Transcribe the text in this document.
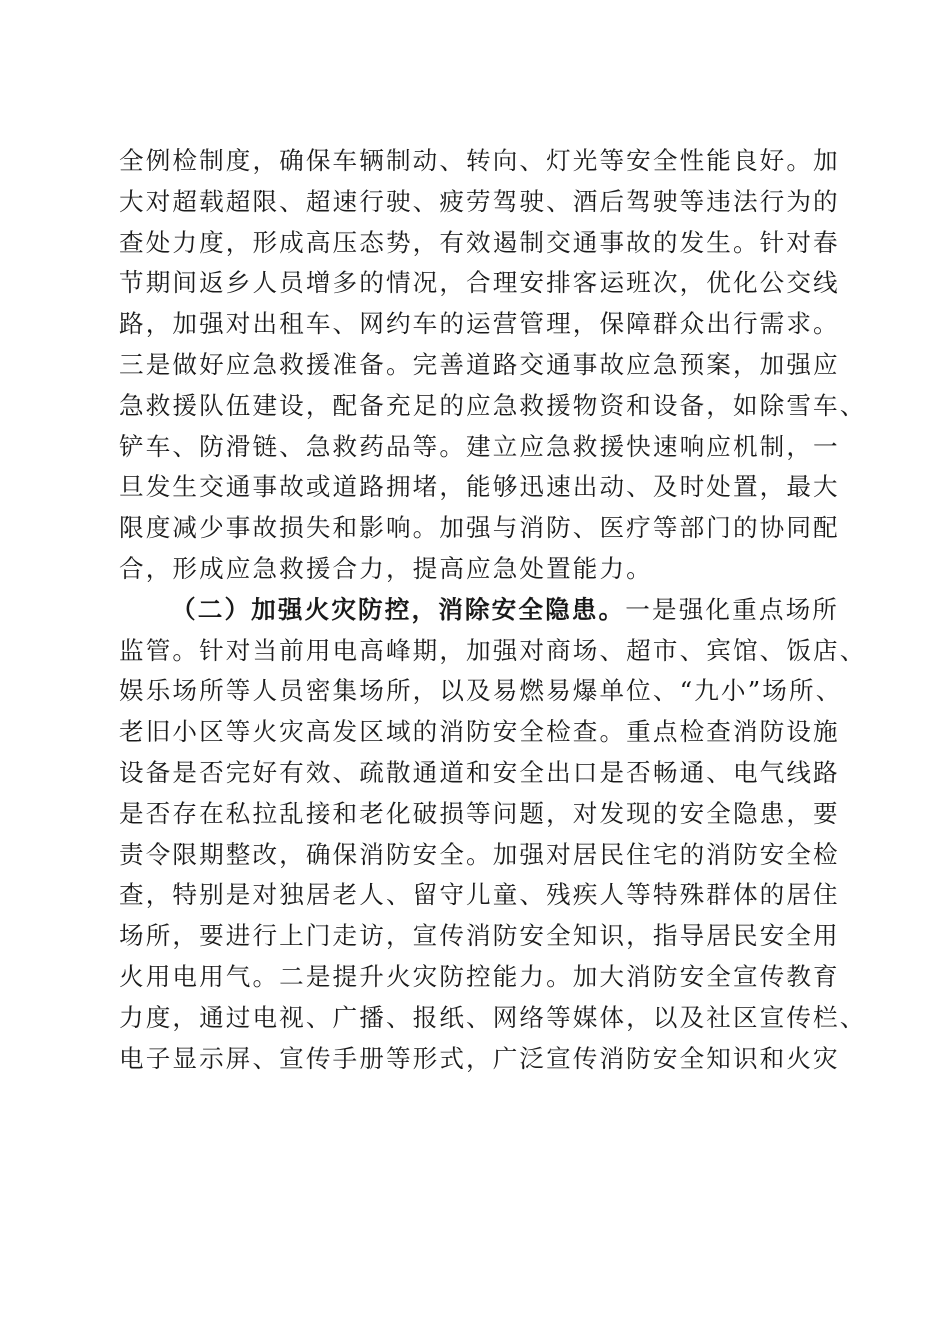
全例检制度，确保车辆制动、转向、灯光等安全性能良好。加
大对超载超限、超速行驶、疲劳驾驶、酒后驾驶等违法行为的
查处力度，形成高压态势，有效遏制交通事故的发生。针对春
节期间返乡人员增多的情况，合理安排客运班次，优化公交线
路，加强对出租车、网约车的运营管理，保障群众出行需求。
三是做好应急救援准备。完善道路交通事故应急预案，加强应
急救援队伍建设，配备充足的应急救援物资和设备，如除雪车、
铲车、防滑链、急救药品等。建立应急救援快速响应机制，一
旦发生交通事故或道路拥堵，能够迅速出动、及时处置，最大
限度减少事故损失和影响。加强与消防、医疗等部门的协同配
合，形成应急救援合力，提高应急处置能力。
（二）加强火灾防控，消除安全隐患。一是强化重点场所
监管。针对当前用电高峰期，加强对商场、超市、宾馆、饭店、
娱乐场所等人员密集场所，以及易燃易爆单位、“九小”场所、
老旧小区等火灾高发区域的消防安全检查。重点检查消防设施
设备是否完好有效、疏散通道和安全出口是否畅通、电气线路
是否存在私拉乱接和老化破损等问题，对发现的安全隐患，要
责令限期整改，确保消防安全。加强对居民住宅的消防安全检
查，特别是对独居老人、留守儿童、残疾人等特殊群体的居住
场所，要进行上门走访，宣传消防安全知识，指导居民安全用
火用电用气。二是提升火灾防控能力。加大消防安全宣传教育
力度，通过电视、广播、报纸、网络等媒体，以及社区宣传栏、
电子显示屏、宣传手册等形式，广泛宣传消防安全知识和火灾
